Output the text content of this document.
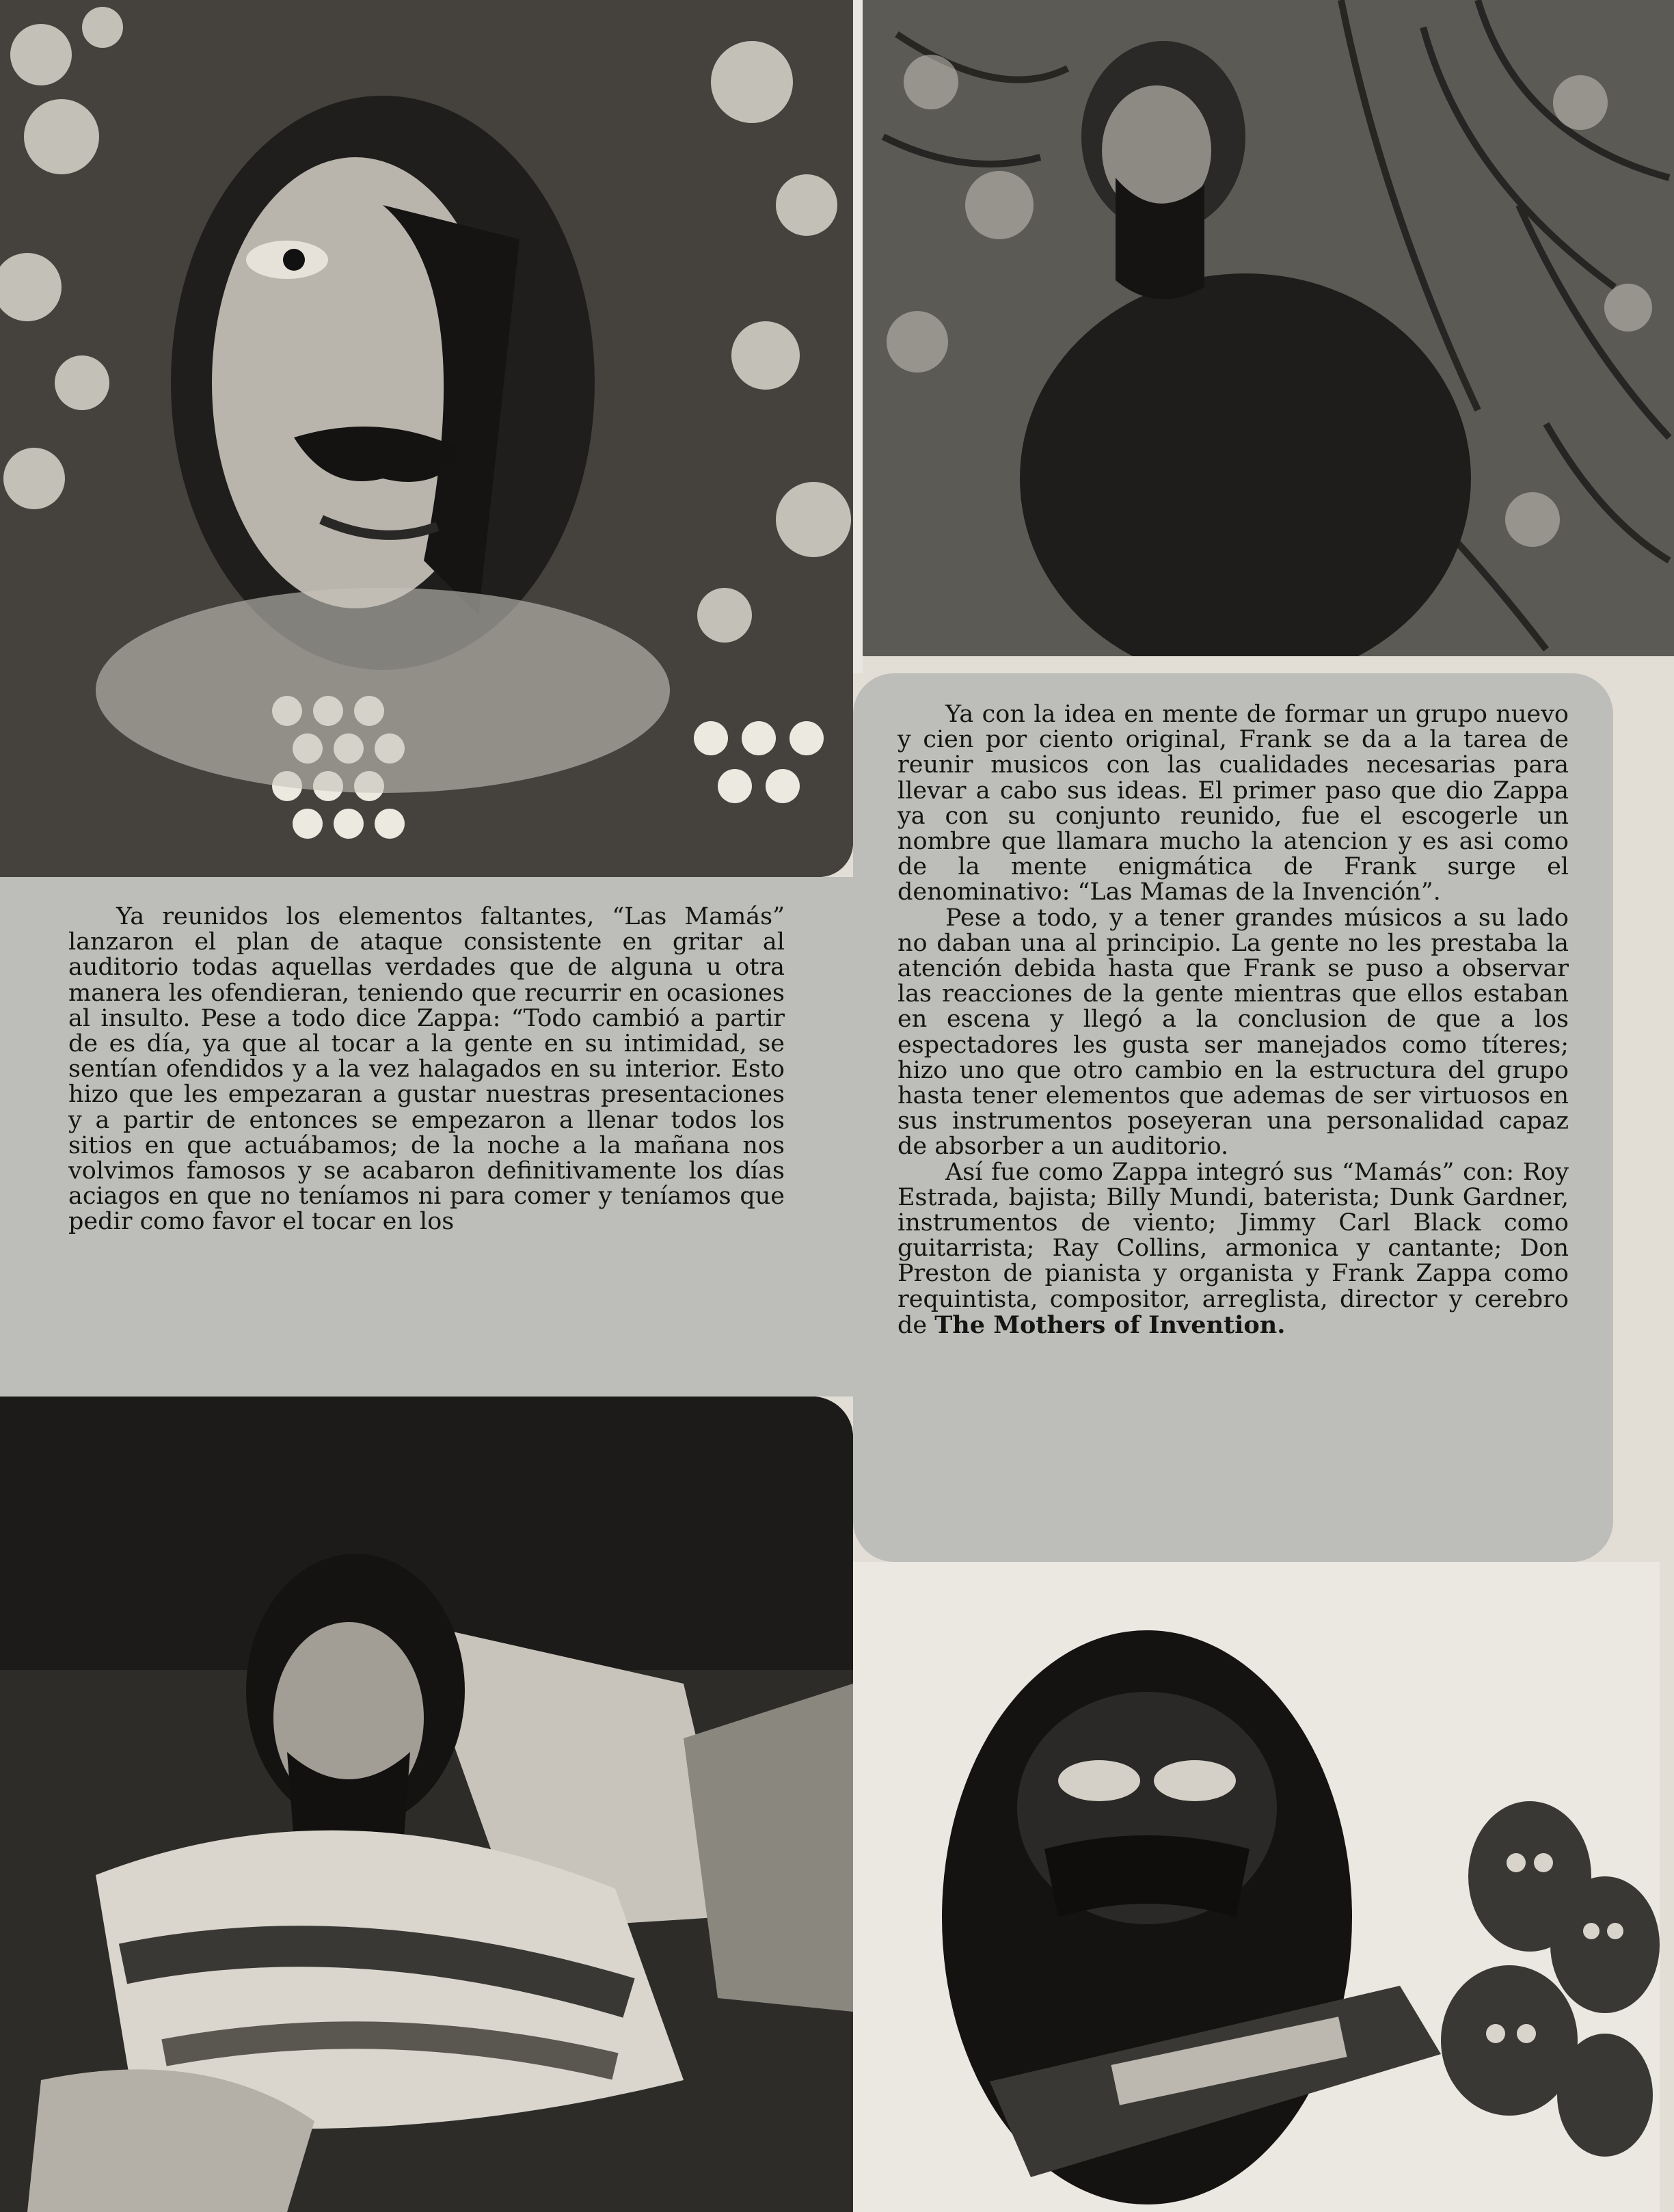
Ya reunidos los elementos faltantes, “Las Mamás” lanzaron el plan de ataque consistente en gritar al auditorio todas aquellas verdades que de alguna u otra manera les ofendieran, teniendo que recurrir en ocasiones al insulto. Pese a todo dice Zappa: “Todo cambió a partir de es día, ya que al tocar a la gente en su intimidad, se sentían ofendidos y a la vez halagados en su interior. Esto hizo que les empezaran a gustar nuestras presentaciones y a partir de entonces se empezaron a llenar todos los sitios en que actuábamos; de la noche a la mañana nos volvimos famosos y se acabaron definitivamente los días aciagos en que no teníamos ni para comer y teníamos que pedir como favor el tocar en los

Ya con la idea en mente de formar un grupo nuevo y cien por ciento original, Frank se da a la tarea de reunir musicos con las cualidades necesarias para llevar a cabo sus ideas. El primer paso que dio Zappa ya con su conjunto reunido, fue el escogerle un nombre que llamara mucho la atencion y es asi como de la mente enigmática de Frank surge el denominativo: “Las Mamas de la Invención”.

Pese a todo, y a tener grandes músicos a su lado no daban una al principio. La gente no les prestaba la atención debida hasta que Frank se puso a observar las reacciones de la gente mientras que ellos estaban en escena y llegó a la conclusion de que a los espectadores les gusta ser manejados como títeres; hizo uno que otro cambio en la estructura del grupo hasta tener elementos que ademas de ser virtuosos en sus instrumentos poseyeran una personalidad capaz de absorber a un auditorio.

Así fue como Zappa integró sus “Mamás” con: Roy Estrada, bajista; Billy Mundi, baterista; Dunk Gardner, instrumentos de viento; Jimmy Carl Black como guitarrista; Ray Collins, armonica y cantante; Don Preston de pianista y organista y Frank Zappa como requintista, compositor, arreglista, director y cerebro de The Mothers of Invention.
